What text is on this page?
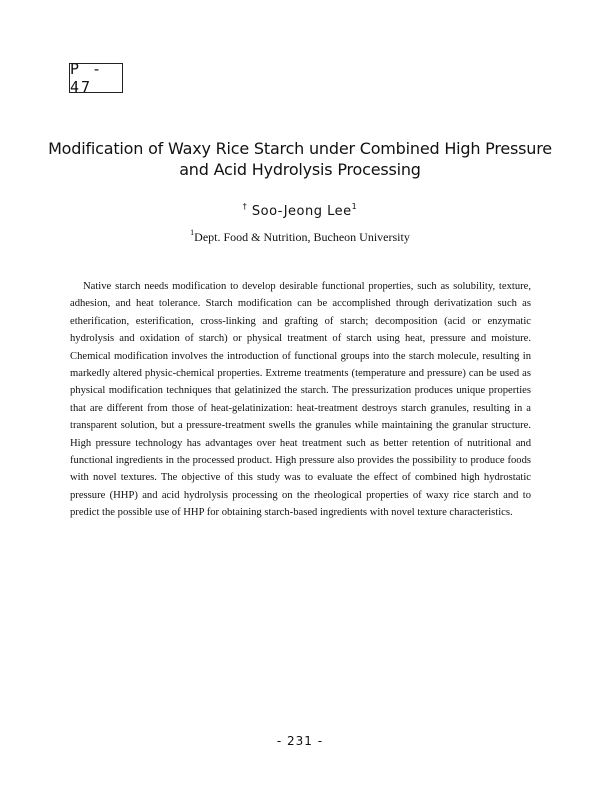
P - 47
Modification of Waxy Rice Starch under Combined High Pressure
and Acid Hydrolysis Processing
† Soo-Jeong Lee$^1$
$^1$Dept. Food & Nutrition, Bucheon University

Native starch needs modification to develop desirable functional properties, such as solubility, texture, adhesion, and heat tolerance. Starch modification can be accomplished through derivatization such as etherification, esterification, cross-linking and grafting of starch; decomposition (acid or enzymatic hydrolysis and oxidation of starch) or physical treatment of starch using heat, pressure and moisture. Chemical modification involves the introduction of functional groups into the starch molecule, resulting in markedly altered physic-chemical properties. Extreme treatments (temperature and pressure) can be used as physical modification techniques that gelatinized the starch. The pressurization produces unique properties that are different from those of heat-gelatinization: heat-treatment destroys starch granules, resulting in a transparent solution, but a pressure-treatment swells the granules while maintaining the granular structure. High pressure technology has advantages over heat treatment such as better retention of nutritional and functional ingredients in the processed product. High pressure also provides the possibility to produce foods with novel textures. The objective of this study was to evaluate the effect of combined high hydrostatic pressure (HHP) and acid hydrolysis processing on the rheological properties of waxy rice starch and to predict the possible use of HHP for obtaining starch-based ingredients with novel texture characteristics.

- 231 -
